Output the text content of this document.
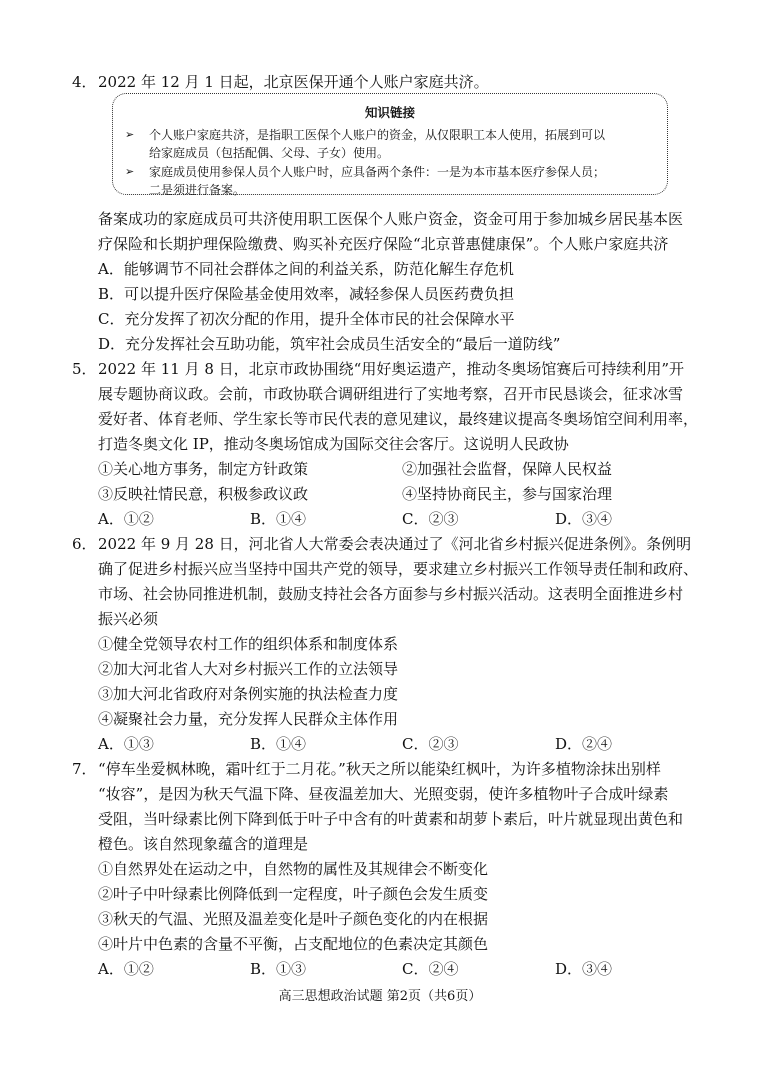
4． 2022 年 12 月 1 日起，北京医保开通个人账户家庭共济。
知识链接
➢ 个人账户家庭共济，是指职工医保个人账户的资金，从仅限职工本人使用，拓展到可以
给家庭成员（包括配偶、父母、子女）使用。
➢ 家庭成员使用参保人员个人账户时，应具备两个条件：一是为本市基本医疗参保人员；
二是须进行备案。
备案成功的家庭成员可共济使用职工医保个人账户资金，资金可用于参加城乡居民基本医
疗保险和长期护理保险缴费、购买补充医疗保险“北京普惠健康保”。个人账户家庭共济
A．能够调节不同社会群体之间的利益关系，防范化解生存危机
B．可以提升医疗保险基金使用效率，减轻参保人员医药费负担
C．充分发挥了初次分配的作用，提升全体市民的社会保障水平
D．充分发挥社会互助功能，筑牢社会成员生活安全的“最后一道防线”
5． 2022 年 11 月 8 日，北京市政协围绕“用好奥运遗产，推动冬奥场馆赛后可持续利用”开
展专题协商议政。会前，市政协联合调研组进行了实地考察，召开市民恳谈会，征求冰雪
爱好者、体育老师、学生家长等市民代表的意见建议，最终建议提高冬奥场馆空间利用率，
打造冬奥文化 IP，推动冬奥场馆成为国际交往会客厅。这说明人民政协
①关心地方事务，制定方针政策	②加强社会监督，保障人民权益
③反映社情民意，积极参政议政	④坚持协商民主，参与国家治理
A．①②	B．①④	C．②③	D．③④
6． 2022 年 9 月 28 日，河北省人大常委会表决通过了《河北省乡村振兴促进条例》。条例明
确了促进乡村振兴应当坚持中国共产党的领导，要求建立乡村振兴工作领导责任制和政府、
市场、社会协同推进机制，鼓励支持社会各方面参与乡村振兴活动。这表明全面推进乡村
振兴必须
①健全党领导农村工作的组织体系和制度体系
②加大河北省人大对乡村振兴工作的立法领导
③加大河北省政府对条例实施的执法检查力度
④凝聚社会力量，充分发挥人民群众主体作用
A．①③	B．①④	C．②③	D．②④
7． “停车坐爱枫林晚，霜叶红于二月花。”秋天之所以能染红枫叶，为许多植物涂抹出别样
“妆容”，是因为秋天气温下降、昼夜温差加大、光照变弱，使许多植物叶子合成叶绿素
受阻，当叶绿素比例下降到低于叶子中含有的叶黄素和胡萝卜素后，叶片就显现出黄色和
橙色。该自然现象蕴含的道理是
①自然界处在运动之中，自然物的属性及其规律会不断变化
②叶子中叶绿素比例降低到一定程度，叶子颜色会发生质变
③秋天的气温、光照及温差变化是叶子颜色变化的内在根据
④叶片中色素的含量不平衡，占支配地位的色素决定其颜色
A．①②	B．①③	C．②④	D．③④
高三思想政治试题 第2页（共6页）
